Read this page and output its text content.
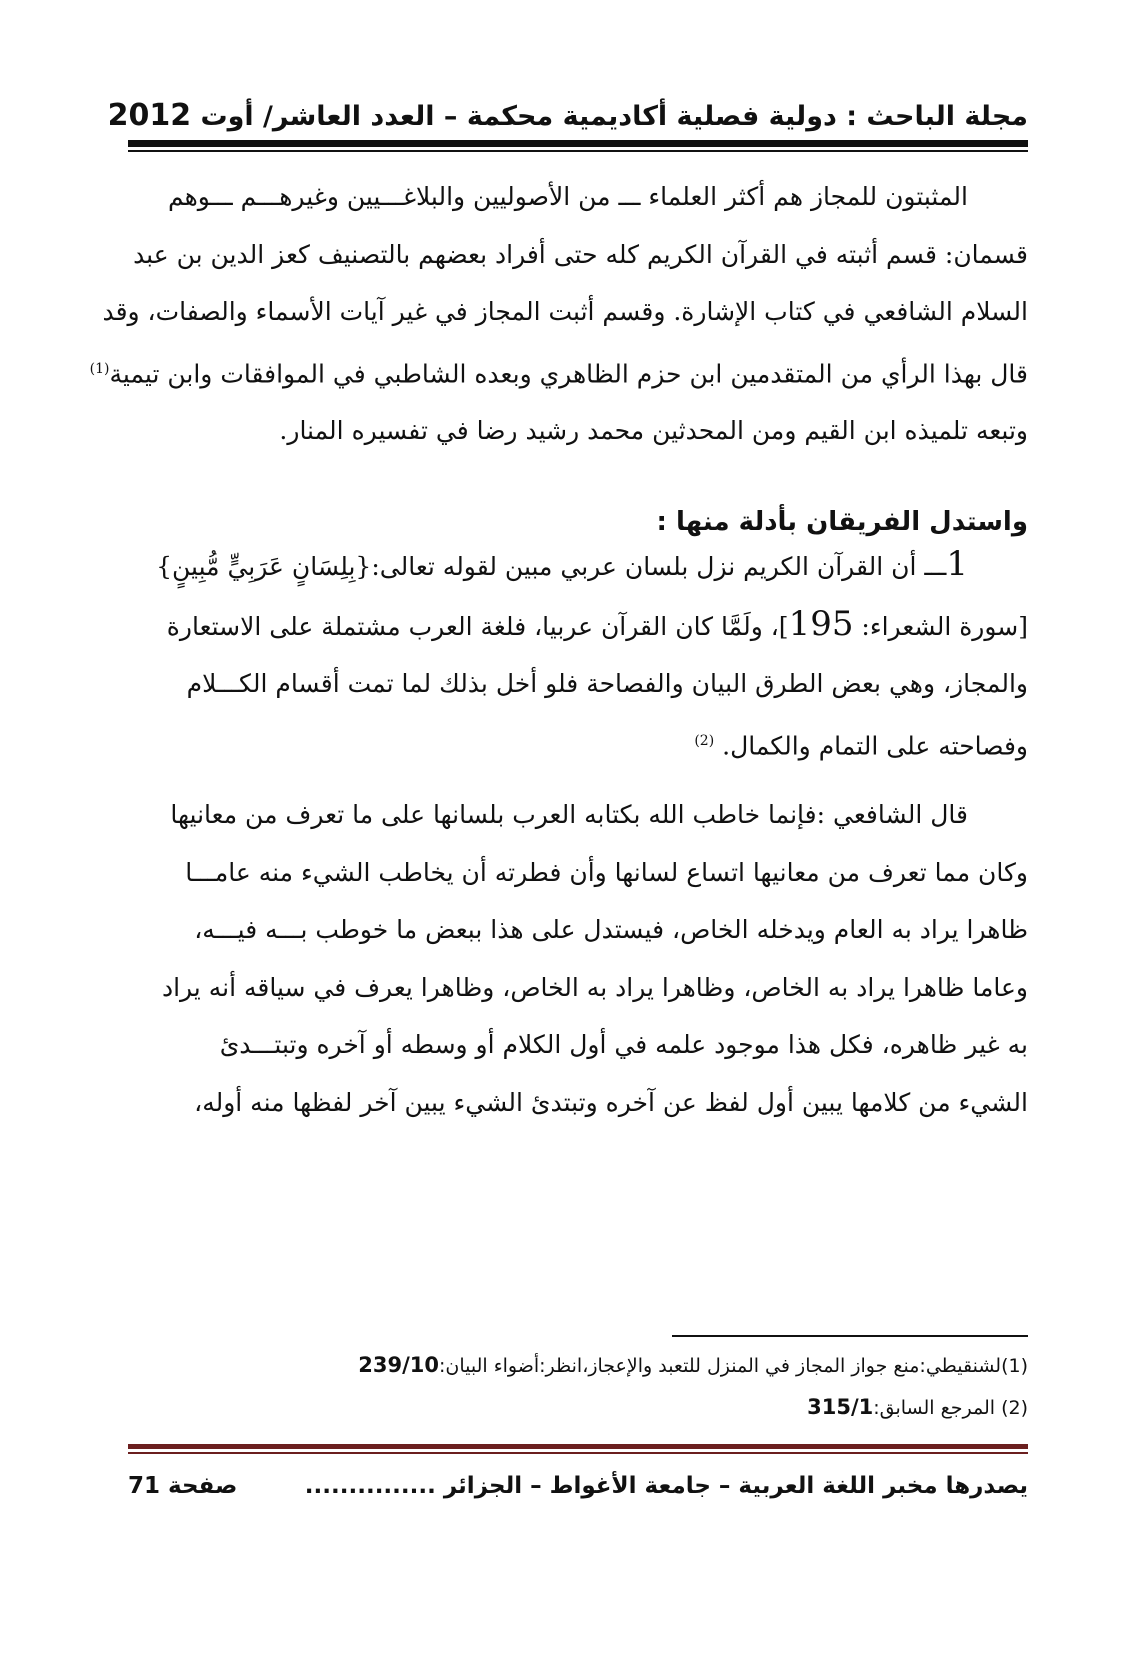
مجلة الباحث : دولية فصلية أكاديمية محكمة – العدد العاشر/ أوت 2012
المثبتون للمجاز هم أكثر العلماء ـــ من الأصوليين والبلاغـــيين وغيرهـــم ـــوهم
قسمان: قسم أثبته في القرآن الكريم كله حتى أفراد بعضهم بالتصنيف كعز الدين بن عبد
السلام الشافعي في كتاب الإشارة. وقسم أثبت المجاز في غير آيات الأسماء والصفات، وقد
قال بهذا الرأي من المتقدمين ابن حزم الظاهري وبعده الشاطبي في الموافقات وابن تيمية$^{(1)}$
وتبعه تلميذه ابن القيم ومن المحدثين محمد رشيد رضا في تفسيره المنار.
واستدل الفريقان بأدلة منها :
1ـــ أن القرآن الكريم نزل بلسان عربي مبين لقوله تعالى:{بِلِسَانٍ عَرَبِيٍّ مُّبِينٍ}
[سورة الشعراء: 195]، ولَمَّا كان القرآن عربيا، فلغة العرب مشتملة على الاستعارة
والمجاز، وهي بعض الطرق البيان والفصاحة فلو أخل بذلك لما تمت أقسام الكـــلام
وفصاحته على التمام والكمال. $^{(2)}$
قال الشافعي :فإنما خاطب الله بكتابه العرب بلسانها على ما تعرف من معانيها
وكان مما تعرف من معانيها اتساع لسانها وأن فطرته أن يخاطب الشيء منه عامـــا
ظاهرا يراد به العام ويدخله الخاص، فيستدل على هذا ببعض ما خوطب بـــه فيـــه،
وعاما ظاهرا يراد به الخاص، وظاهرا يراد به الخاص، وظاهرا يعرف في سياقه أنه يراد
به غير ظاهره، فكل هذا موجود علمه في أول الكلام أو وسطه أو آخره وتبتـــدئ
الشيء من كلامها يبين أول لفظ عن آخره وتبتدئ الشيء يبين آخر لفظها منه أوله،
(1)لشنقيطي:منع جواز المجاز في المنزل للتعبد والإعجاز،انظر:أضواء البيان:239/10
(2) المرجع السابق:315/1
يصدرها مخبر اللغة العربية – جامعة الأغواط – الجزائر ...............
صفحة 71
